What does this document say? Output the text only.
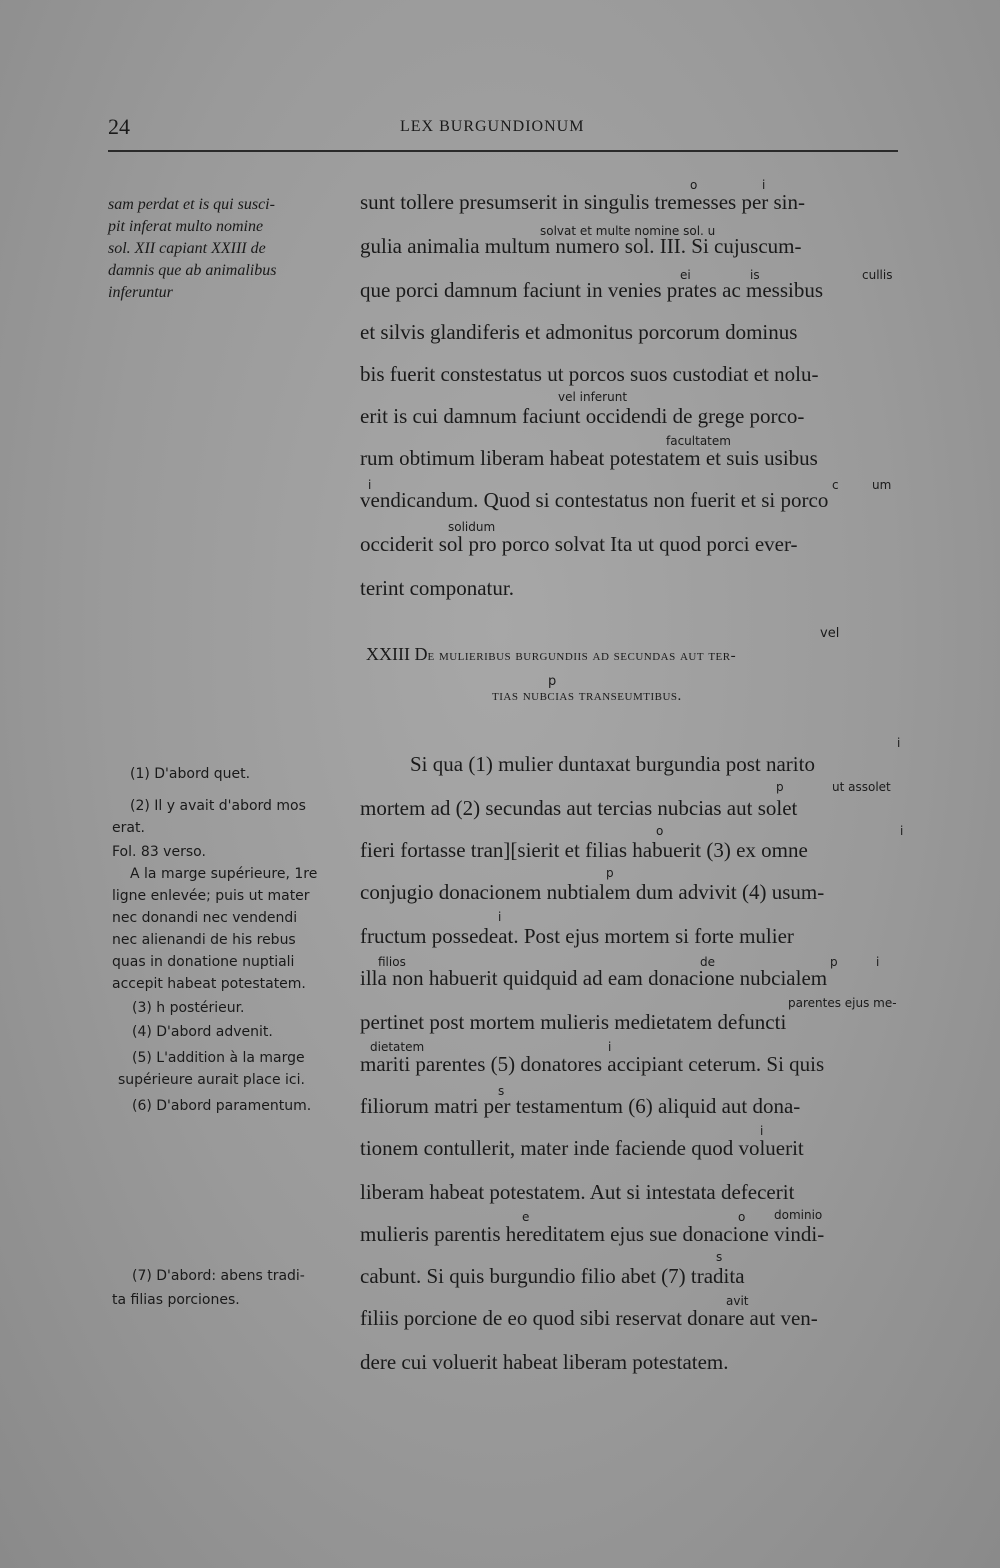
24	LEX BURGUNDIONUM
sam perdat et is qui susci-
pit inferat multo nomine
sol. XII capiant XXIII de
damnis que ab animalibus
inferuntur
sunt tollere presumserit in singulis tremesses per sin-
gulia animalia multum numero sol. III. Si cujuscum-
que porci damnum faciunt in venies prates ac messibus
et silvis glandiferis et admonitus porcorum dominus
bis fuerit constestatus ut porcos suos custodiat et nolu-
erit is cui damnum faciunt occidendi de grege porco-
rum obtimum liberam habeat potestatem et suis usibus
vendicandum. Quod si contestatus non fuerit et si porco
occiderit sol pro porco solvat Ita ut quod porci ever-
terint componatur.
o	i
solvat et multe nomine sol. u
ei	is	cullis
vel inferunt
facultatem
i	c	um
solidum
vel
XXIII De mulieribus burgundiis ad secundas aut ter-
p
tias nubcias transeumtibus.
(1) D'abord quet.
(2) Il y avait d'abord mos
erat.
Fol. 83 verso.
A la marge supérieure, 1re
ligne enlevée; puis ut mater
nec donandi nec vendendi
nec alienandi de his rebus
quas in donatione nuptiali
accepit habeat potestatem.
(3) h postérieur.
(4) D'abord advenit.
(5) L'addition à la marge
supérieure aurait place ici.
(6) D'abord paramentum.
(7) D'abord: abens tradi-
ta filias porciones.
Si qua (1) mulier duntaxat burgundia post narito
mortem ad (2) secundas aut tercias nubcias aut solet
fieri fortasse tran][sierit et filias habuerit (3) ex omne
conjugio donacionem nubtialem dum advivit (4) usum-
fructum possedeat. Post ejus mortem si forte mulier
illa non habuerit quidquid ad eam donacione nubcialem
pertinet post mortem mulieris medietatem defuncti
mariti parentes (5) donatores accipiant ceterum. Si quis
filiorum matri per testamentum (6) aliquid aut dona-
tionem contullerit, mater inde faciende quod voluerit
liberam habeat potestatem. Aut si intestata defecerit
mulieris parentis hereditatem ejus sue donacione vindi-
cabunt. Si quis burgundio filio abet (7) tradita
filiis porcione de eo quod sibi reservat donare aut ven-
dere cui voluerit habeat liberam potestatem.
i
p	ut assolet
o	i
p
i
filios	de	p	i
parentes ejus me-
dietatem	i
s
i
e	o dominio
s
avit
